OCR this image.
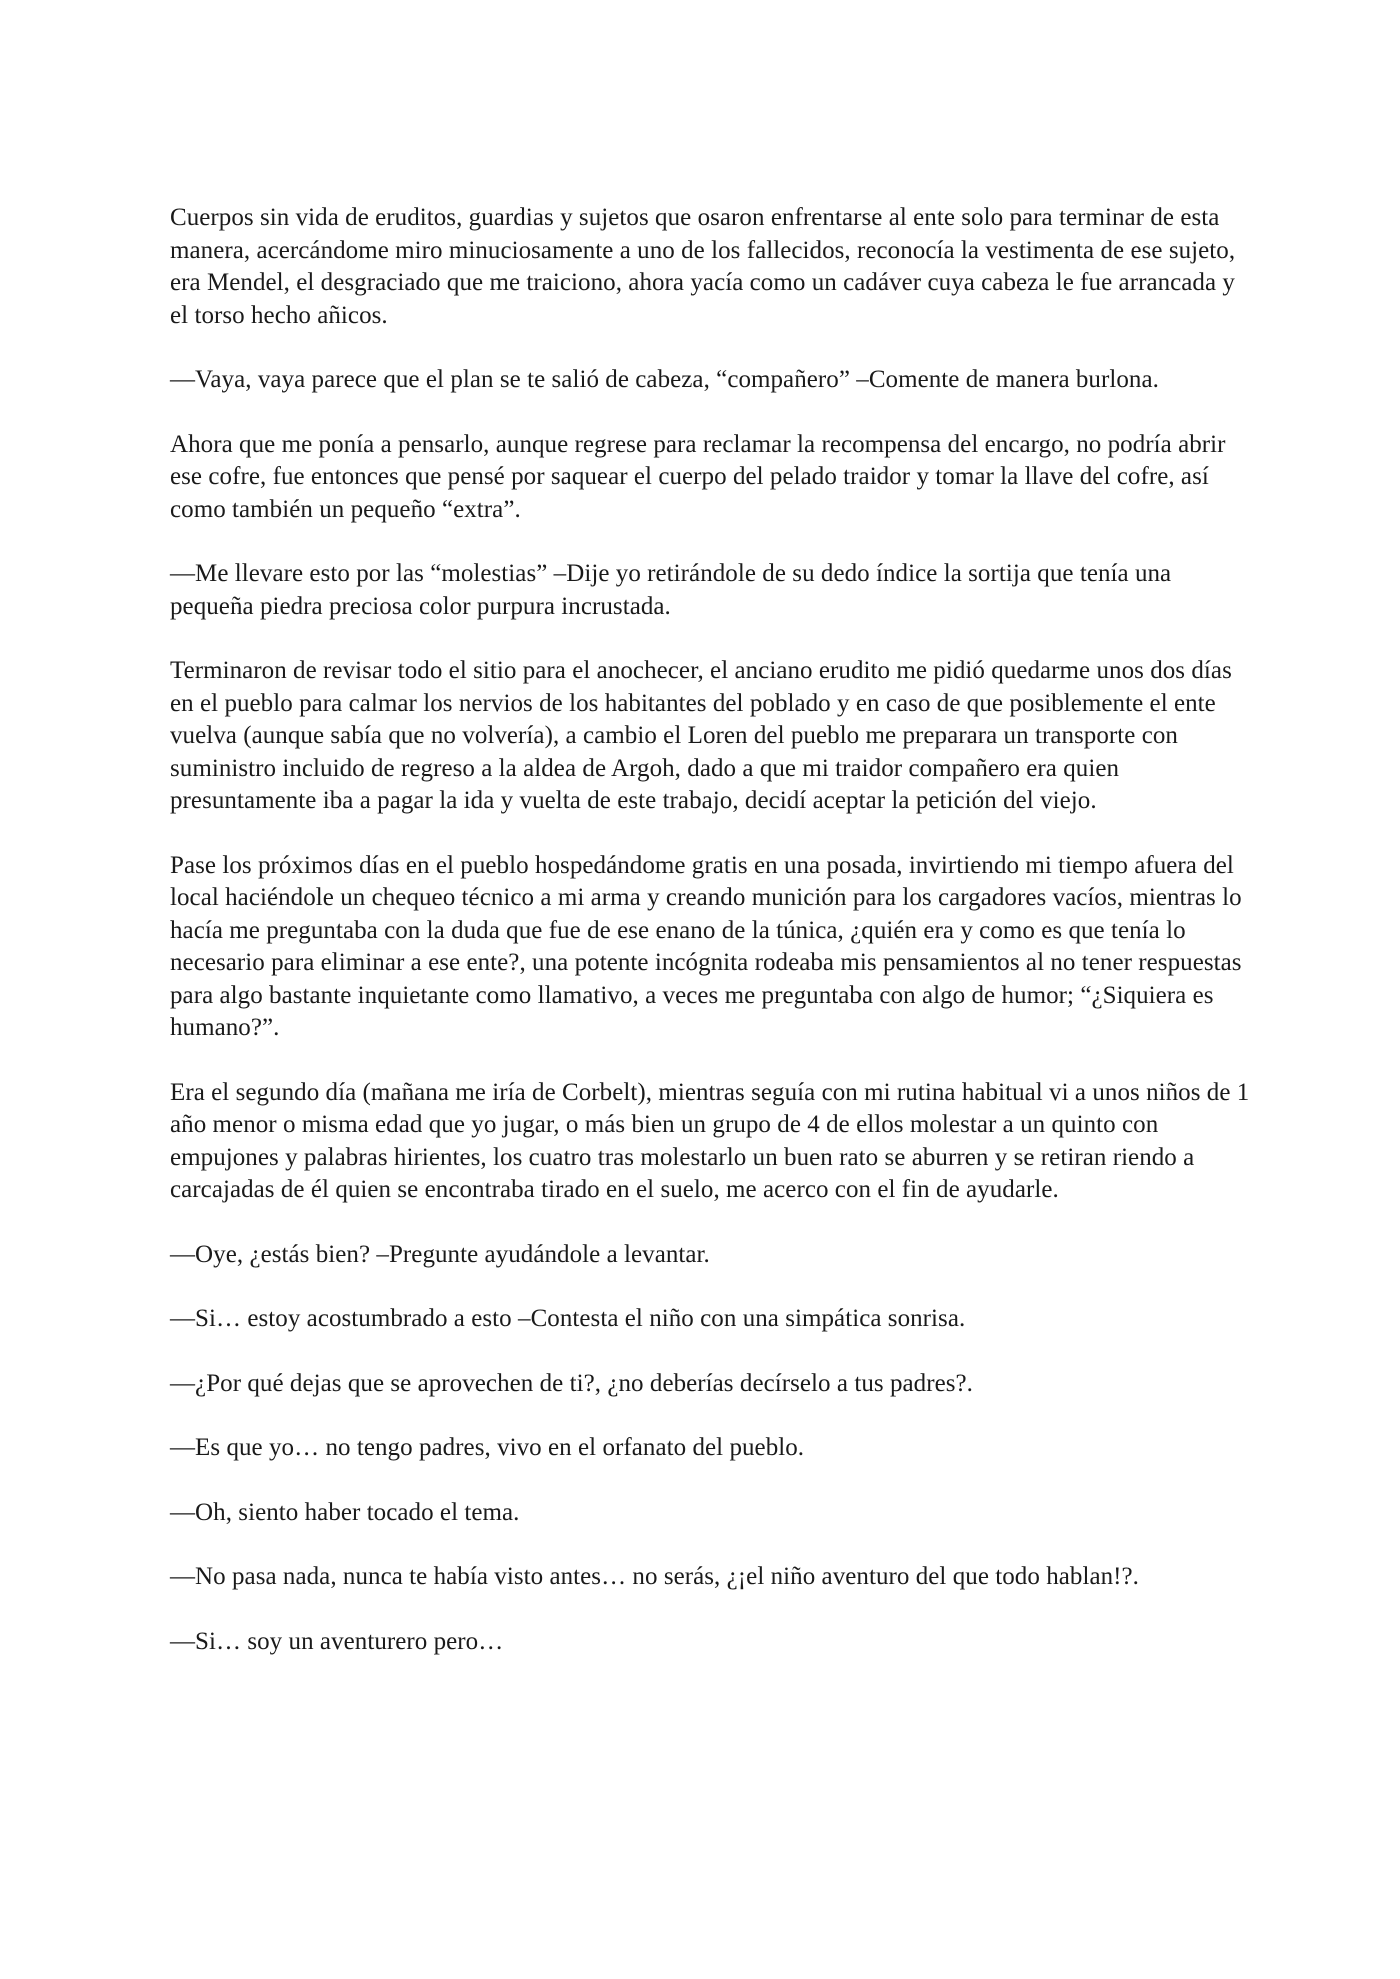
Cuerpos sin vida de eruditos, guardias y sujetos que osaron enfrentarse al ente solo para terminar de esta manera, acercándome miro minuciosamente a uno de los fallecidos, reconocía la vestimenta de ese sujeto, era Mendel, el desgraciado que me traiciono, ahora yacía como un cadáver cuya cabeza le fue arrancada y el torso hecho añicos.

—Vaya, vaya parece que el plan se te salió de cabeza, “compañero” –Comente de manera burlona.

Ahora que me ponía a pensarlo, aunque regrese para reclamar la recompensa del encargo, no podría abrir ese cofre, fue entonces que pensé por saquear el cuerpo del pelado traidor y tomar la llave del cofre, así como también un pequeño “extra”.

—Me llevare esto por las “molestias” –Dije yo retirándole de su dedo índice la sortija que tenía una pequeña piedra preciosa color purpura incrustada.

Terminaron de revisar todo el sitio para el anochecer, el anciano erudito me pidió quedarme unos dos días en el pueblo para calmar los nervios de los habitantes del poblado y en caso de que posiblemente el ente vuelva (aunque sabía que no volvería), a cambio el Loren del pueblo me preparara un transporte con suministro incluido de regreso a la aldea de Argoh, dado a que mi traidor compañero era quien presuntamente iba a pagar la ida y vuelta de este trabajo, decidí aceptar la petición del viejo.

Pase los próximos días en el pueblo hospedándome gratis en una posada, invirtiendo mi tiempo afuera del local haciéndole un chequeo técnico a mi arma y creando munición para los cargadores vacíos, mientras lo hacía me preguntaba con la duda que fue de ese enano de la túnica, ¿quién era y como es que tenía lo necesario para eliminar a ese ente?, una potente incógnita rodeaba mis pensamientos al no tener respuestas para algo bastante inquietante como llamativo, a veces me preguntaba con algo de humor; “¿Siquiera es humano?”.

Era el segundo día (mañana me iría de Corbelt), mientras seguía con mi rutina habitual vi a unos niños de 1 año menor o misma edad que yo jugar, o más bien un grupo de 4 de ellos molestar a un quinto con empujones y palabras hirientes, los cuatro tras molestarlo un buen rato se aburren y se retiran riendo a carcajadas de él quien se encontraba tirado en el suelo, me acerco con el fin de ayudarle.

—Oye, ¿estás bien? –Pregunte ayudándole a levantar.

—Si… estoy acostumbrado a esto –Contesta el niño con una simpática sonrisa.

—¿Por qué dejas que se aprovechen de ti?, ¿no deberías decírselo a tus padres?.

—Es que yo… no tengo padres, vivo en el orfanato del pueblo.

—Oh, siento haber tocado el tema.

—No pasa nada, nunca te había visto antes… no serás, ¿¡el niño aventuro del que todo hablan!?.

—Si… soy un aventurero pero…
